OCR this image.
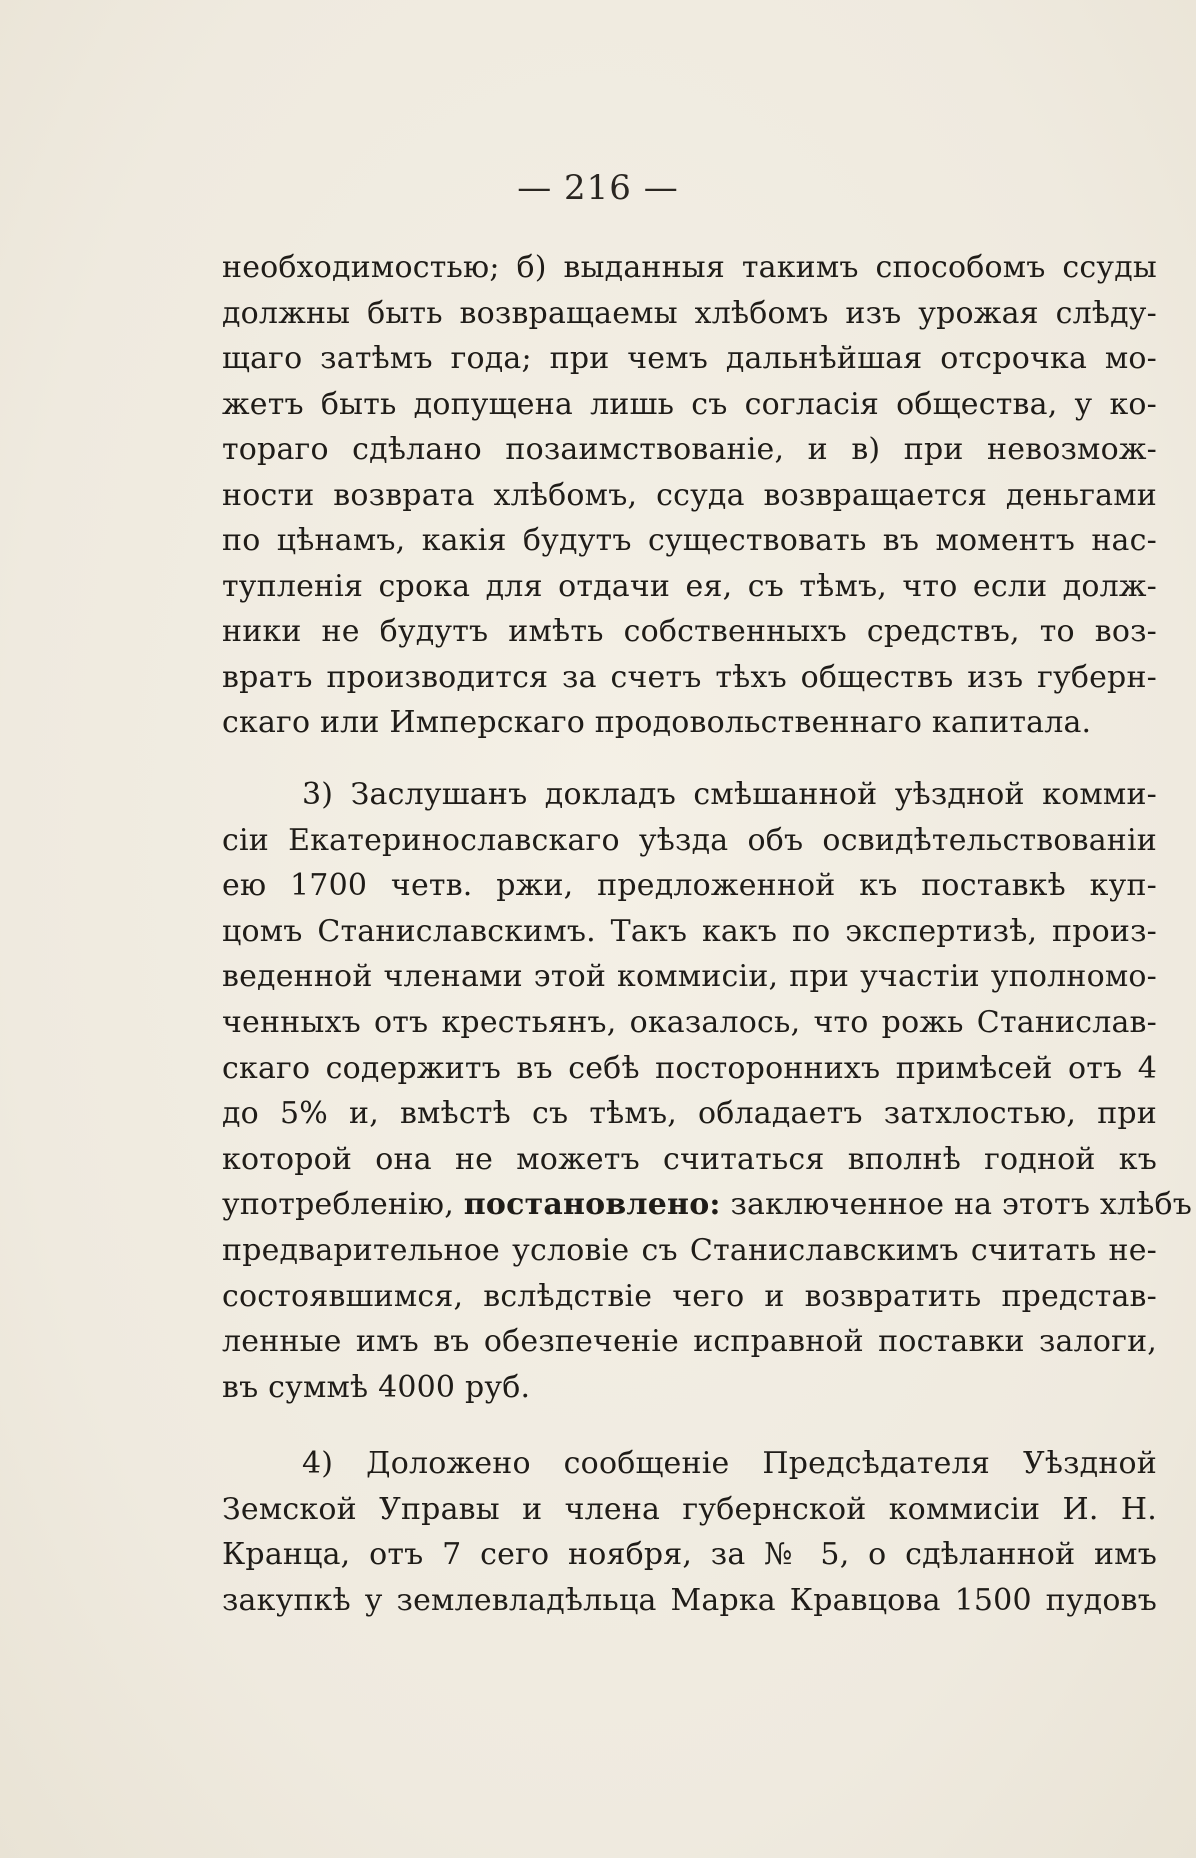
— 216 —
необходимостью; б) выданныя такимъ способомъ ссуды
должны быть возвращаемы хлѣбомъ изъ урожая слѣду-
щаго затѣмъ года; при чемъ дальнѣйшая отсрочка мо-
жетъ быть допущена лишь съ согласія общества, у ко-
тораго сдѣлано позаимствованіе, и в) при невозмож-
ности возврата хлѣбомъ, ссуда возвращается деньгами
по цѣнамъ, какія будутъ существовать въ моментъ нас-
тупленія срока для отдачи ея, съ тѣмъ, что если долж-
ники не будутъ имѣть собственныхъ средствъ, то воз-
вратъ производится за счетъ тѣхъ обществъ изъ губерн-
скаго или Имперскаго продовольственнаго капитала.
3) Заслушанъ докладъ смѣшанной уѣздной комми-
сіи Екатеринославскаго уѣзда объ освидѣтельствованіи
ею 1700 четв. ржи, предложенной къ поставкѣ куп-
цомъ Станиславскимъ. Такъ какъ по экспертизѣ, произ-
веденной членами этой коммисіи, при участіи уполномо-
ченныхъ отъ крестьянъ, оказалось, что рожь Станислав-
скаго содержитъ въ себѣ постороннихъ примѣсей отъ 4
до 5% и, вмѣстѣ съ тѣмъ, обладаетъ затхлостью, при
которой она не можетъ считаться вполнѣ годной къ
употребленію, постановлено: заключенное на этотъ хлѣбъ
предварительное условіе съ Станиславскимъ считать не-
состоявшимся, вслѣдствіе чего и возвратить представ-
ленные имъ въ обезпеченіе исправной поставки залоги,
въ суммѣ 4000 руб.
4) Доложено сообщеніе Предсѣдателя Уѣздной
Земской Управы и члена губернской коммисіи И. Н.
Кранца, отъ 7 сего ноября, за № 5, о сдѣланной имъ
закупкѣ у землевладѣльца Марка Кравцова 1500 пудовъ
